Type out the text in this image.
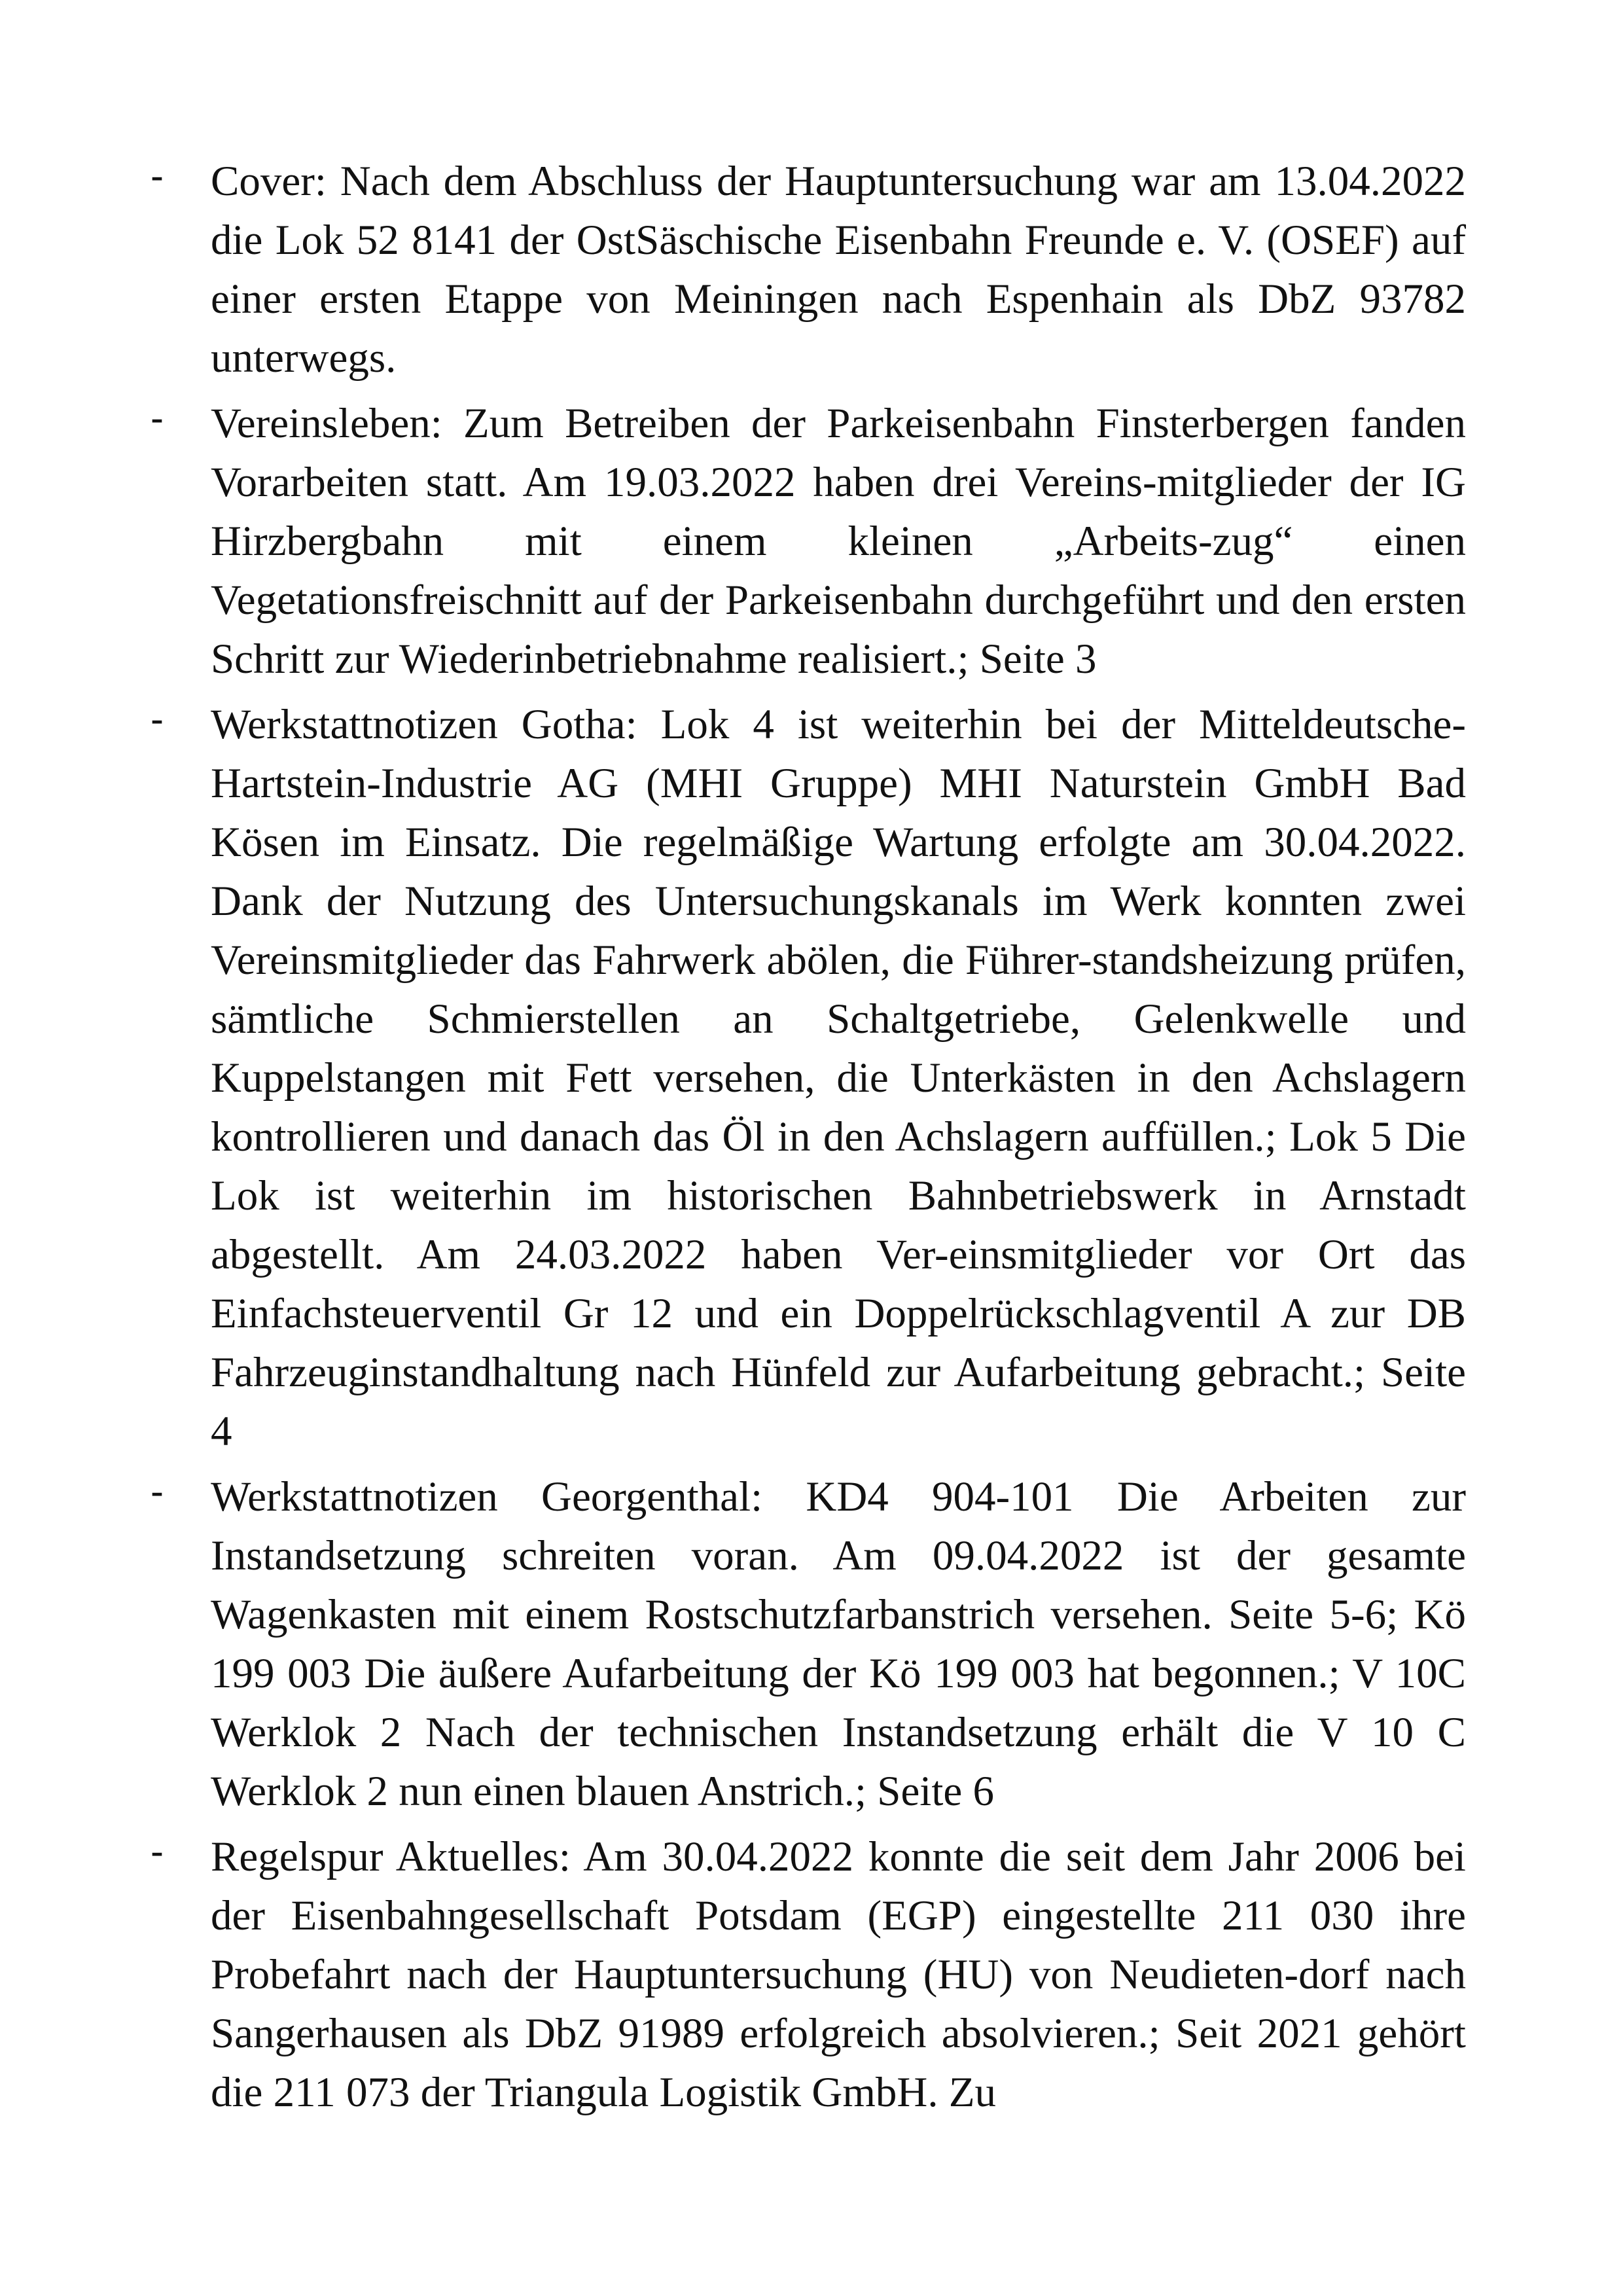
-	Cover: Nach dem Abschluss der Hauptuntersuchung war am 13.04.2022 die Lok 52 8141 der OstSäschische Eisenbahn Freunde e. V. (OSEF) auf einer ersten Etappe von Meiningen nach Espenhain als DbZ 93782 unterwegs.
-	Vereinsleben: Zum Betreiben der Parkeisenbahn Finsterbergen fanden Vorarbeiten statt. Am 19.03.2022 haben drei Vereins-mitglieder der IG Hirzbergbahn mit einem kleinen „Arbeits-zug“ einen Vegetationsfreischnitt auf der Parkeisenbahn durchgeführt und den ersten Schritt zur Wiederinbetriebnahme realisiert.; Seite 3
-	Werkstattnotizen Gotha: Lok 4 ist weiterhin bei der Mitteldeutsche-Hartstein-Industrie AG (MHI Gruppe) MHI Naturstein GmbH Bad Kösen im Einsatz. Die regelmäßige Wartung erfolgte am 30.04.2022. Dank der Nutzung des Untersuchungskanals im Werk konnten zwei Vereinsmitglieder das Fahrwerk abölen, die Führer-standsheizung prüfen, sämtliche Schmierstellen an Schaltgetriebe, Gelenkwelle und Kuppelstangen mit Fett versehen, die Unterkästen in den Achslagern kontrollieren und danach das Öl in den Achslagern auffüllen.; Lok 5 Die Lok ist weiterhin im historischen Bahnbetriebswerk in Arnstadt abgestellt. Am 24.03.2022 haben Ver-einsmitglieder vor Ort das Einfachsteuerventil Gr 12 und ein Doppelrückschlagventil A zur DB Fahrzeuginstandhaltung nach Hünfeld zur Aufarbeitung gebracht.; Seite 4
-	Werkstattnotizen Georgenthal: KD4 904-101 Die Arbeiten zur Instandsetzung schreiten voran. Am 09.04.2022 ist der gesamte Wagenkasten mit einem Rostschutzfarbanstrich versehen. Seite 5-6; Kö 199 003 Die äußere Aufarbeitung der Kö 199 003 hat begonnen.; V 10C Werklok 2 Nach der technischen Instandsetzung erhält die V 10 C Werklok 2 nun einen blauen Anstrich.; Seite 6
-	Regelspur Aktuelles: Am 30.04.2022 konnte die seit dem Jahr 2006 bei der Eisenbahngesellschaft Potsdam (EGP) eingestellte 211 030 ihre Probefahrt nach der Hauptuntersuchung (HU) von Neudieten-dorf nach Sangerhausen als DbZ 91989 erfolgreich absolvieren.; Seit 2021 gehört die 211 073 der Triangula Logistik GmbH. Zu
